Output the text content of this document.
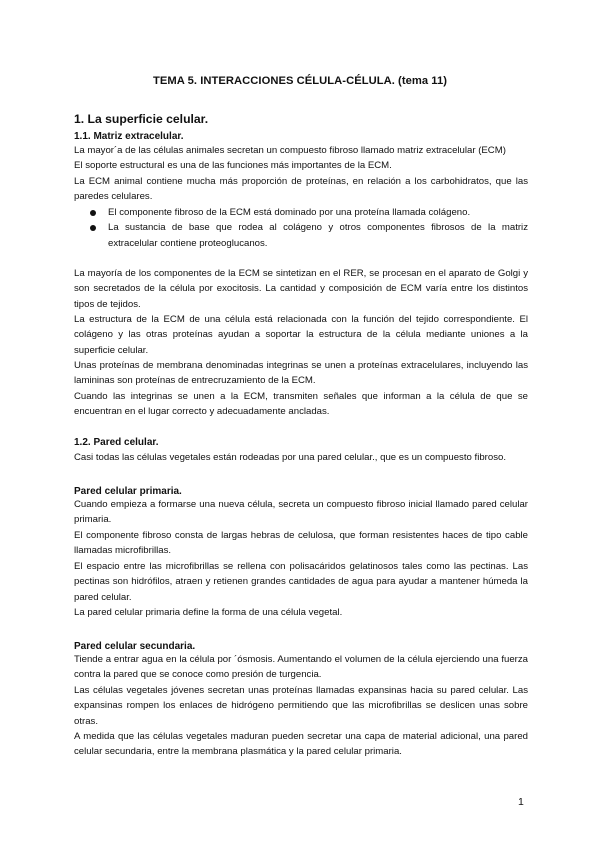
TEMA 5. INTERACCIONES CÉLULA-CÉLULA. (tema 11)
1. La superficie celular.
1.1. Matriz extracelular.
La mayor´a de las células animales secretan un compuesto fibroso llamado matriz extracelular (ECM)
El soporte estructural es una de las funciones más importantes de la ECM.
La ECM animal contiene mucha más proporción de proteínas, en relación a los carbohidratos, que las paredes celulares.
El componente fibroso de la ECM está dominado por una proteína llamada colágeno.
La sustancia de base que rodea al colágeno y otros componentes fibrosos de la matriz extracelular contiene proteoglucanos.
La mayoría de los componentes de la ECM se sintetizan en el RER, se procesan en el aparato de Golgi y son secretados de la célula por exocitosis. La cantidad y composición de ECM varía entre los distintos tipos de tejidos.
La estructura de la ECM de una célula está relacionada con la función del tejido correspondiente. El colágeno y las otras proteínas ayudan a soportar la estructura de la célula mediante uniones a la superficie celular.
Unas proteínas de membrana denominadas integrinas se unen a proteínas extracelulares, incluyendo las lamininas son proteínas de entrecruzamiento de la ECM.
Cuando las integrinas se unen a la ECM, transmiten señales que informan a la célula de que se encuentran en el lugar correcto y adecuadamente ancladas.
1.2. Pared celular.
Casi todas las células vegetales están rodeadas por una pared celular., que es un compuesto fibroso.
Pared celular primaria.
Cuando empieza a formarse una nueva célula, secreta un compuesto fibroso inicial llamado pared celular primaria.
El componente fibroso consta de largas hebras de celulosa, que forman resistentes haces de tipo cable llamadas microfibrillas.
El espacio entre las microfibrillas se rellena con polisacáridos gelatinosos tales como las pectinas. Las pectinas son hidrófilos, atraen y retienen grandes cantidades de agua para ayudar a mantener húmeda la pared celular.
La pared celular primaria define la forma de una célula vegetal.
Pared celular secundaria.
Tiende a entrar agua en la célula por ´ósmosis. Aumentando el volumen de la célula ejerciendo una fuerza contra la pared que se conoce como presión de turgencia.
Las células vegetales jóvenes secretan unas proteínas llamadas expansinas hacia su pared celular. Las expansinas rompen los enlaces de hidrógeno permitiendo que las microfibrillas se deslicen unas sobre otras.
A medida que las células vegetales maduran pueden secretar una capa de material adicional, una pared celular secundaria, entre la membrana plasmática y la pared celular primaria.
1
